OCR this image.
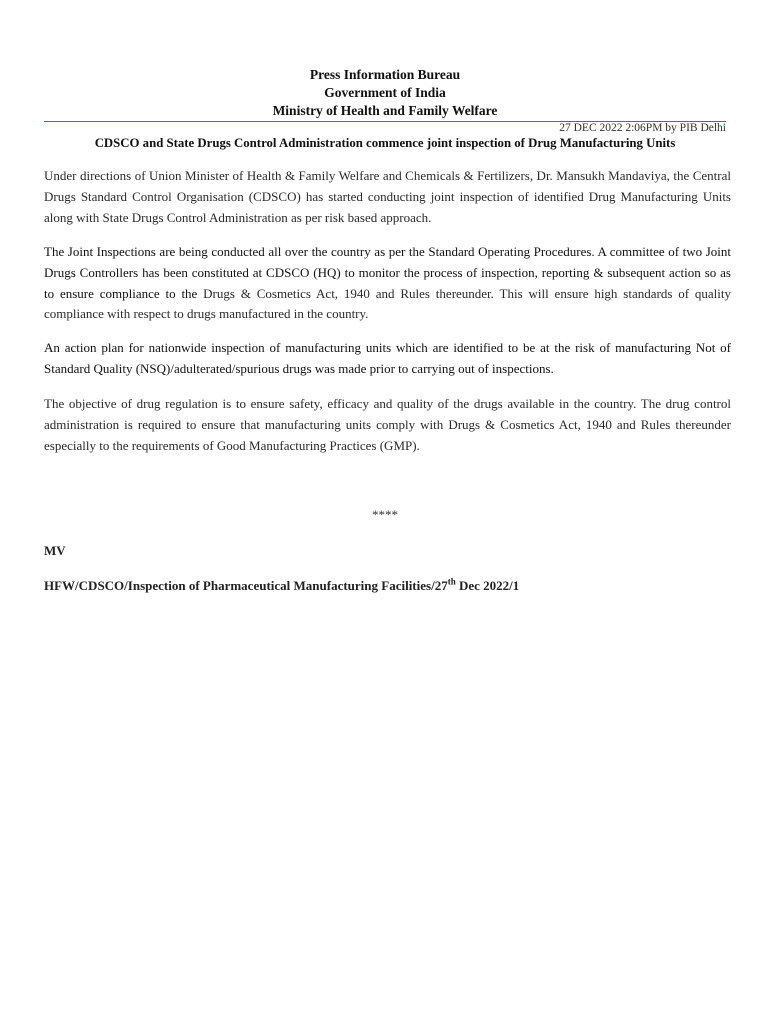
Press Information Bureau
Government of India
Ministry of Health and Family Welfare
27 DEC 2022 2:06PM by PIB Delhi
CDSCO and State Drugs Control Administration commence joint inspection of Drug Manufacturing Units

Under directions of Union Minister of Health & Family Welfare and Chemicals & Fertilizers, Dr. Mansukh Mandaviya, the Central Drugs Standard Control Organisation (CDSCO) has started conducting joint inspection of identified Drug Manufacturing Units along with State Drugs Control Administration as per risk based approach.

The Joint Inspections are being conducted all over the country as per the Standard Operating Procedures. A committee of two Joint Drugs Controllers has been constituted at CDSCO (HQ) to monitor the process of inspection, reporting & subsequent action so as to ensure compliance to the Drugs & Cosmetics Act, 1940 and Rules thereunder. This will ensure high standards of quality compliance with respect to drugs manufactured in the country.

An action plan for nationwide inspection of manufacturing units which are identified to be at the risk of manufacturing Not of Standard Quality (NSQ)/adulterated/spurious drugs was made prior to carrying out of inspections.

The objective of drug regulation is to ensure safety, efficacy and quality of the drugs available in the country. The drug control administration is required to ensure that manufacturing units comply with Drugs & Cosmetics Act, 1940 and Rules thereunder especially to the requirements of Good Manufacturing Practices (GMP).

****
MV
HFW/CDSCO/Inspection of Pharmaceutical Manufacturing Facilities/27th Dec 2022/1
